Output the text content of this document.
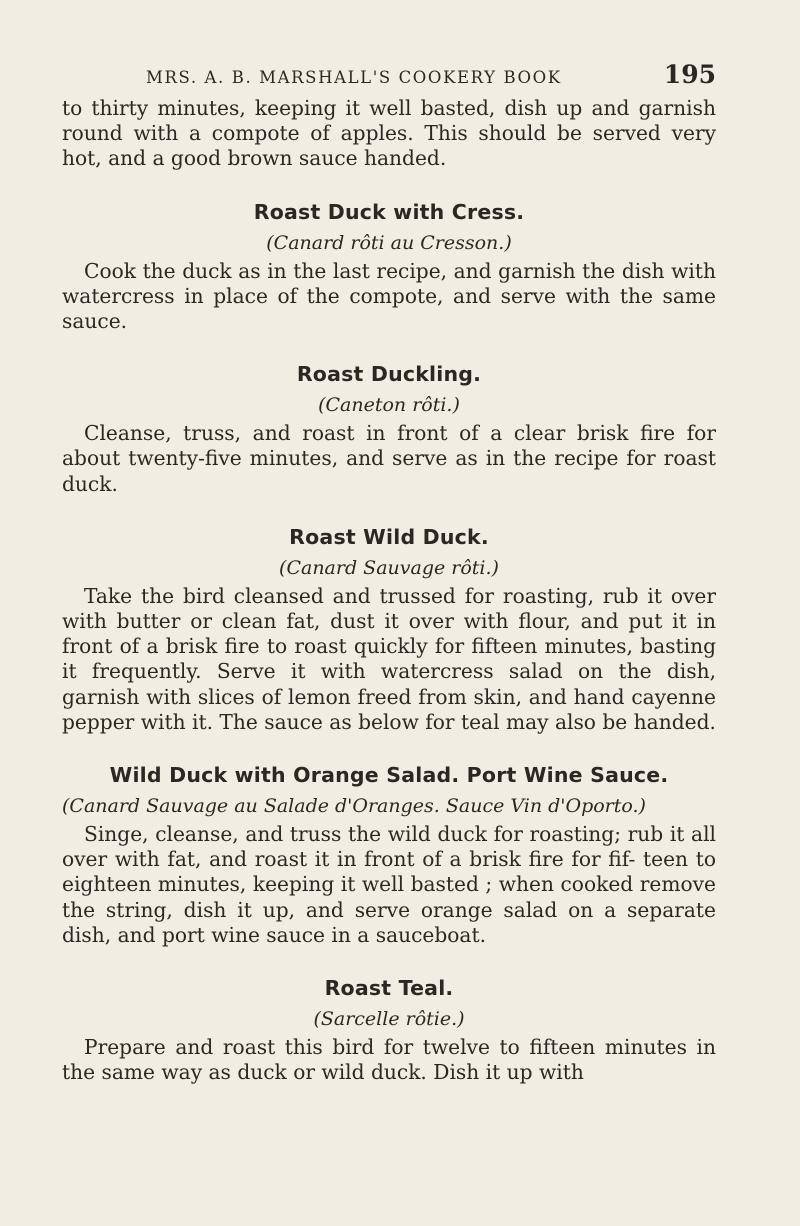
MRS. A. B. MARSHALL'S COOKERY BOOK	195

to thirty minutes, keeping it well basted, dish up and garnish round with a compote of apples. This should be served very hot, and a good brown sauce handed.

Roast Duck with Cress.

(Canard rôti au Cresson.)

Cook the duck as in the last recipe, and garnish the dish with watercress in place of the compote, and serve with the same sauce.

Roast Duckling.

(Caneton rôti.)

Cleanse, truss, and roast in front of a clear brisk fire for about twenty-five minutes, and serve as in the recipe for roast duck.

Roast Wild Duck.

(Canard Sauvage rôti.)

Take the bird cleansed and trussed for roasting, rub it over with butter or clean fat, dust it over with flour, and put it in front of a brisk fire to roast quickly for fifteen minutes, basting it frequently. Serve it with watercress salad on the dish, garnish with slices of lemon freed from skin, and hand cayenne pepper with it. The sauce as below for teal may also be handed.

Wild Duck with Orange Salad. Port Wine Sauce.

(Canard Sauvage au Salade d'Oranges. Sauce Vin d'Oporto.)

Singe, cleanse, and truss the wild duck for roasting; rub it all over with fat, and roast it in front of a brisk fire for fif- teen to eighteen minutes, keeping it well basted ; when cooked remove the string, dish it up, and serve orange salad on a separate dish, and port wine sauce in a sauceboat.

Roast Teal.

(Sarcelle rôtie.)

Prepare and roast this bird for twelve to fifteen minutes in the same way as duck or wild duck. Dish it up with
